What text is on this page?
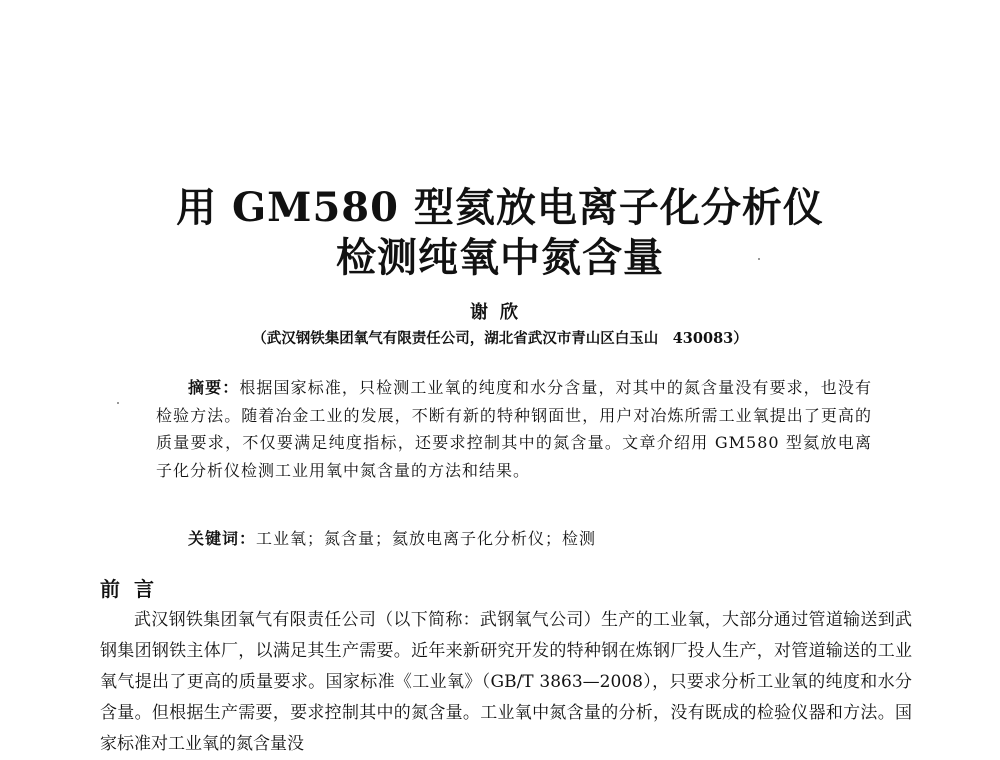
用 GM580 型氦放电离子化分析仪
检测纯氧中氮含量
谢欣
（武汉钢铁集团氧气有限责任公司，湖北省武汉市青山区白玉山　430083）

摘要：根据国家标准，只检测工业氧的纯度和水分含量，对其中的氮含量没有要求，也没有检验方法。随着冶金工业的发展，不断有新的特种钢面世，用户对冶炼所需工业氧提出了更高的质量要求，不仅要满足纯度指标，还要求控制其中的氮含量。文章介绍用 GM580 型氦放电离子化分析仪检测工业用氧中氮含量的方法和结果。

关键词：工业氧；氮含量；氦放电离子化分析仪；检测
前言

武汉钢铁集团氧气有限责任公司（以下简称：武钢氧气公司）生产的工业氧，大部分通过管道输送到武钢集团钢铁主体厂，以满足其生产需要。近年来新研究开发的特种钢在炼钢厂投人生产，对管道输送的工业氧气提出了更高的质量要求。国家标准《工业氧》（GB/T 3863—2008），只要求分析工业氧的纯度和水分含量。但根据生产需要，要求控制其中的氮含量。工业氧中氮含量的分析，没有既成的检验仪器和方法。国家标准对工业氧的氮含量没
